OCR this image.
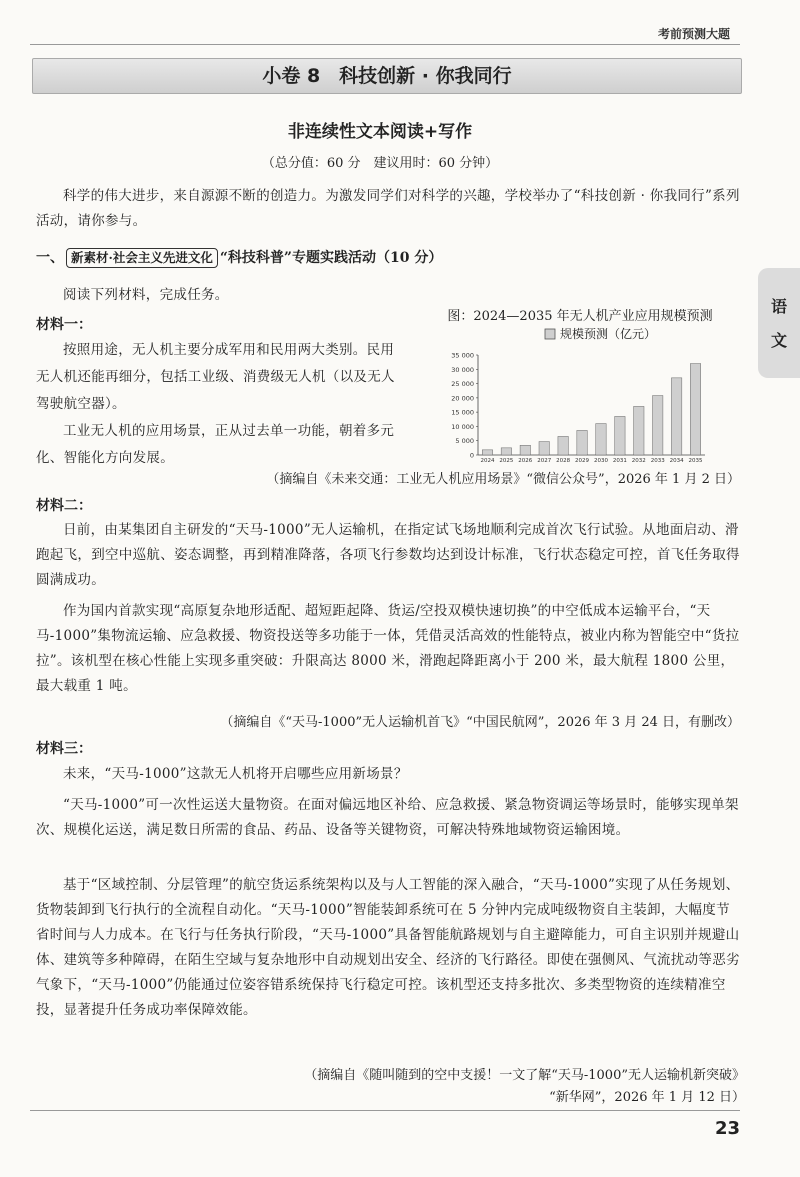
考前预测大题
小卷 8　科技创新 · 你我同行
非连续性文本阅读+写作
（总分值：60 分　建议用时：60 分钟）
语
文

科学的伟大进步，来自源源不断的创造力。为激发同学们对科学的兴趣，学校举办了“科技创新 · 你我同行”系列活动，请你参与。

一、 新素材·社会主义先进文化 “科技科普”专题实践活动（10 分）

阅读下列材料，完成任务。

材料一：

按照用途，无人机主要分成军用和民用两大类别。民用无人机还能再细分，包括工业级、消费级无人机（以及无人驾驶航空器）。

工业无人机的应用场景，正从过去单一功能，朝着多元化、智能化方向发展。

图：2024—2035 年无人机产业应用规模预测
规模预测（亿元）
0
5 000
10 000
15 000
20 000
25 000
30 000
35 000
2024 2025 2026 2027 2028 2029 2030 2031 2032 2033 2034 2035
（摘编自《未来交通：工业无人机应用场景》“微信公众号”，2026 年 1 月 2 日）
材料二：

日前，由某集团自主研发的“天马-1000”无人运输机，在指定试飞场地顺利完成首次飞行试验。从地面启动、滑跑起飞，到空中巡航、姿态调整，再到精准降落，各项飞行参数均达到设计标准，飞行状态稳定可控，首飞任务取得圆满成功。

作为国内首款实现“高原复杂地形适配、超短距起降、货运/空投双模快速切换”的中空低成本运输平台，“天马-1000”集物流运输、应急救援、物资投送等多功能于一体，凭借灵活高效的性能特点，被业内称为智能空中“货拉拉”。该机型在核心性能上实现多重突破：升限高达 8000 米，滑跑起降距离小于 200 米，最大航程 1800 公里，最大载重 1 吨。

（摘编自《“天马-1000”无人运输机首飞》“中国民航网”，2026 年 3 月 24 日，有删改）
材料三：

未来，“天马-1000”这款无人机将开启哪些应用新场景？

“天马-1000”可一次性运送大量物资。在面对偏远地区补给、应急救援、紧急物资调运等场景时，能够实现单架次、规模化运送，满足数日所需的食品、药品、设备等关键物资，可解决特殊地域物资运输困境。

基于“区域控制、分层管理”的航空货运系统架构以及与人工智能的深入融合，“天马-1000”实现了从任务规划、货物装卸到飞行执行的全流程自动化。“天马-1000”智能装卸系统可在 5 分钟内完成吨级物资自主装卸，大幅度节省时间与人力成本。在飞行与任务执行阶段，“天马-1000”具备智能航路规划与自主避障能力，可自主识别并规避山体、建筑等多种障碍，在陌生空域与复杂地形中自动规划出安全、经济的飞行路径。即使在强侧风、气流扰动等恶劣气象下，“天马-1000”仍能通过位姿容错系统保持飞行稳定可控。该机型还支持多批次、多类型物资的连续精准空投，显著提升任务成功率保障效能。

（摘编自《随叫随到的空中支援！一文了解“天马-1000”无人运输机新突破》
“新华网”，2026 年 1 月 12 日）
23
